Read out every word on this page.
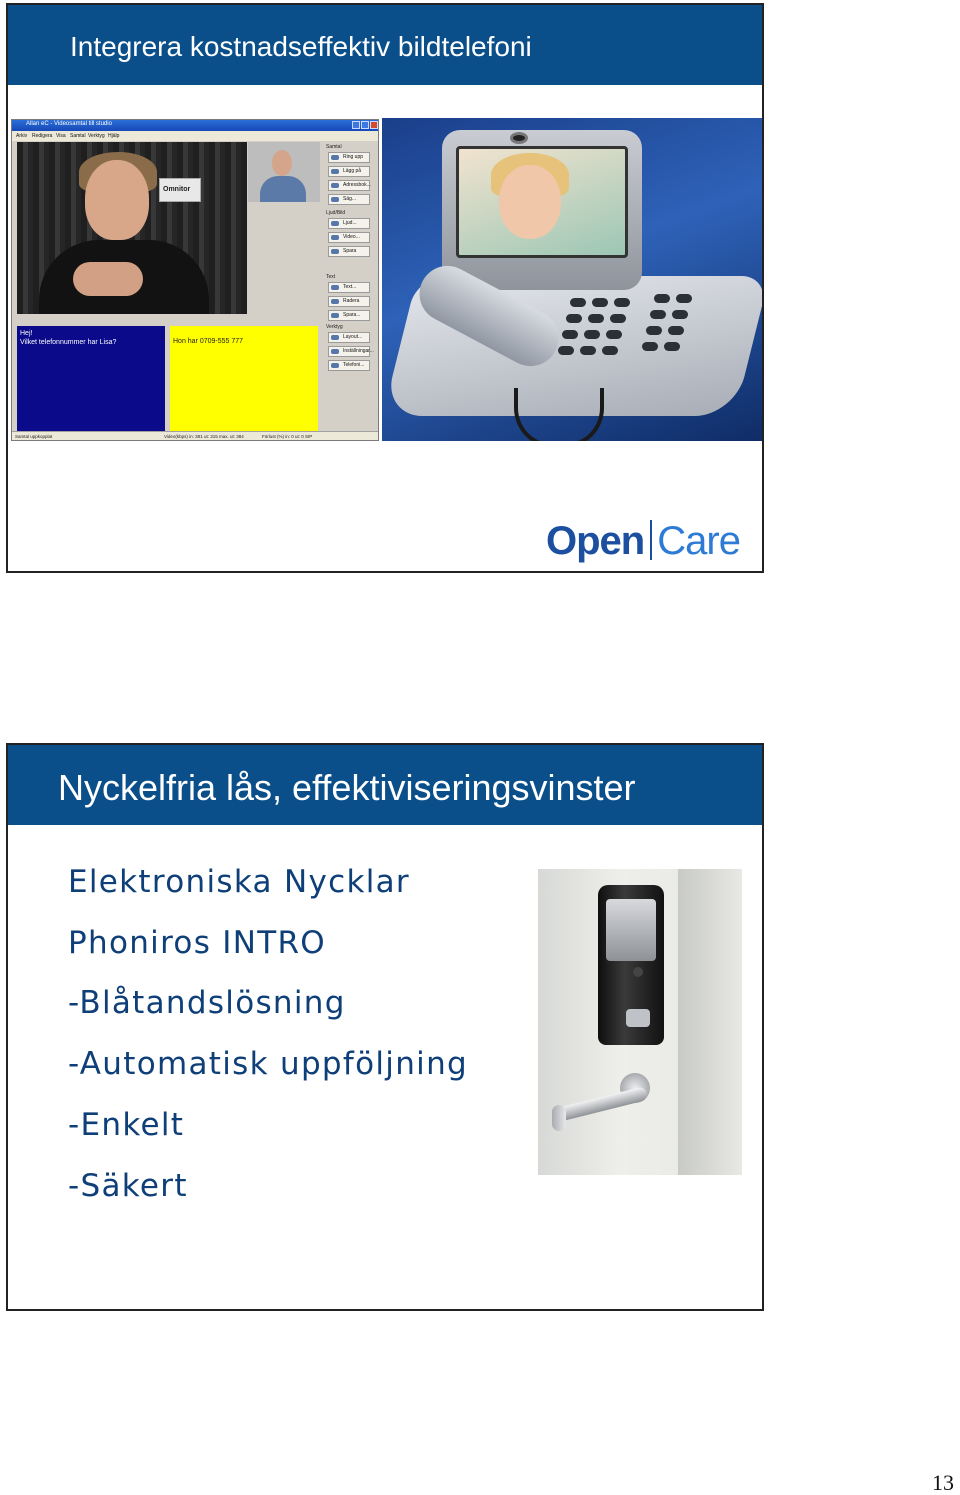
Integrera kostnadseffektiv bildtelefoni
Allan eC - Videosamtal till studio
Arkiv Redigera Visa Samtal Verktyg Hjälp
Omnitor
Hej!
Vilket telefonnummer har Lisa?	Hon har 0709-555 777
Samtal
Ring upp
Lägg på
Adressbok...
Säg...
Ljud/Bild
Ljud...
Video...
Spara
Text
Text...
Radera
Spara...
Verktyg
Layout...
Inställningar...
Telefoni...
Samtal uppkopplat	Video(kbps) in: 381 ut: 315 max. ut: 384	Förlust (%) in: 0 ut: 0 SIP
Open Care
Nyckelfria lås, effektiviseringsvinster
Elektroniska Nycklar
Phoniros INTRO
-Blåtandslösning
-Automatisk uppföljning
-Enkelt
-Säkert
13
